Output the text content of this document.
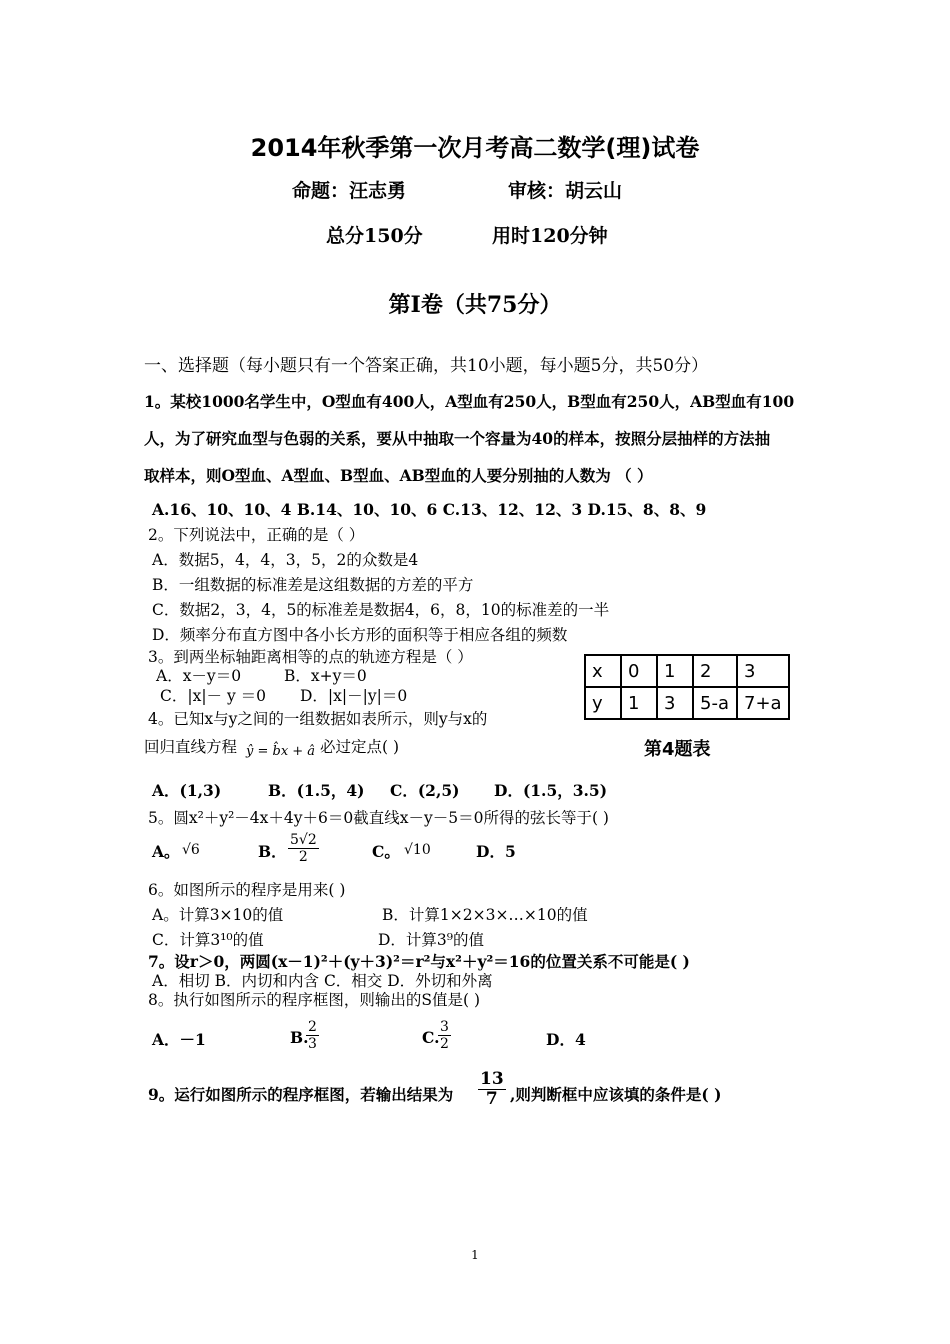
2014年秋季第一次月考高二数学(理)试卷
命题：汪志勇	审核：胡云山
总分150分	用时120分钟
第Ⅰ卷（共75分）
一、选择题（每小题只有一个答案正确，共10小题，每小题5分，共50分）
1。某校1000名学生中，O型血有400人，A型血有250人，B型血有250人，AB型血有100
人，为了研究血型与色弱的关系，要从中抽取一个容量为40的样本，按照分层抽样的方法抽
取样本，则O型血、A型血、B型血、AB型血的人要分别抽的人数为 （ ）
A.16、10、10、4 B.14、10、10、6 C.13、12、12、3 D.15、8、8、9
2。下列说法中，正确的是（ ）
A．数据5，4，4，3，5，2的众数是4
B．一组数据的标准差是这组数据的方差的平方
C．数据2，3，4，5的标准差是数据4，6，8，10的标准差的一半
D．频率分布直方图中各小长方形的面积等于相应各组的频数
3。到两坐标轴距离相等的点的轨迹方程是（ ）
A．x－y＝0	B．x+y＝0
C．|x|－ y ＝0 D．|x|－|y|＝0
x	0	1	2	3
y	1	3	5-a	7+a
第4题表
4。已知x与y之间的一组数据如表所示，则y与x的
回归直线方程 ŷ = b̂x + â 必过定点( )
A．(1,3)	B．(1.5，4) C．(2,5) D．(1.5，3.5)
5。圆x²＋y²－4x＋4y＋6＝0截直线x－y－5＝0所得的弦长等于( )
A。 √6	B． $\frac{5√2}{2}$	C。 √10	D．5
6。如图所示的程序是用来( )
A。计算3×10的值	B．计算1×2×3×…×10的值
C．计算3¹⁰的值	D．计算3⁹的值
7。设r＞0，两圆(x－1)²＋(y＋3)²＝r²与x²＋y²＝16的位置关系不可能是( )
A．相切 B．内切和内含 C．相交 D．外切和外离
8。执行如图所示的程序框图，则输出的S值是( )
A．－1	B.
$\frac{2}{3}$	C.
$\frac{3}{2}$	D．4
9。运行如图所示的程序框图，若输出结果为 $\frac{13}{7}$ ,则判断框中应该填的条件是( )
1
